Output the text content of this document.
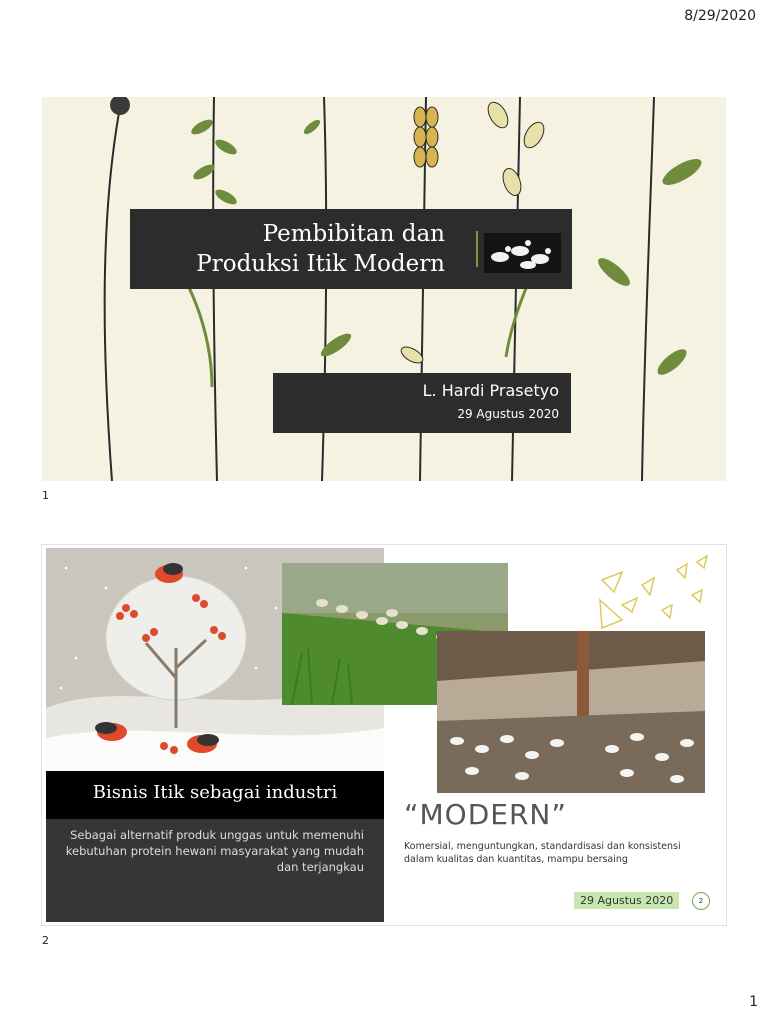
8/29/2020
Pembibitan dan
Produksi Itik Modern
L. Hardi Prasetyo
29 Agustus 2020
1
Bisnis Itik sebagai industri
Sebagai alternatif produk unggas untuk memenuhi kebutuhan protein hewani masyarakat yang mudah dan terjangkau
“MODERN”
Komersial, menguntungkan, standardisasi dan konsistensi dalam kualitas dan kuantitas, mampu bersaing
29 Agustus 2020	2
2
1
